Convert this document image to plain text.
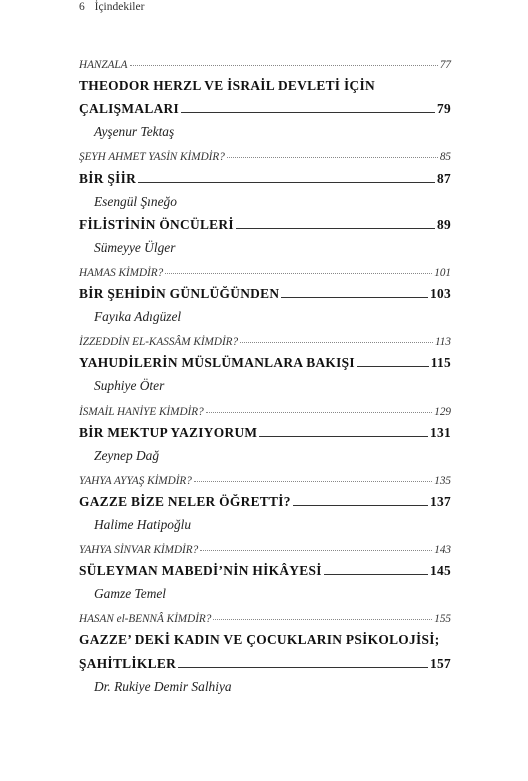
6 İçindekiler
HANZALA	77
THEODOR HERZL VE İSRAİL DEVLETİ İÇİN
ÇALIŞMALARI	79
Ayşenur Tektaş
ŞEYH AHMET YASİN KİMDİR?	85
BİR ŞİİR	87
Esengül Şıneğo
FİLİSTİNİN ÖNCÜLERİ	89
Sümeyye Ülger
HAMAS KİMDİR?	101
BİR ŞEHİDİN GÜNLÜĞÜNDEN	103
Fayıka Adıgüzel
İZZEDDİN EL-KASSÂM KİMDİR?	113
YAHUDİLERİN MÜSLÜMANLARA BAKIŞI	115
Suphiye Öter
İSMAİL HANİYE KİMDİR?	129
BİR MEKTUP YAZIYORUM	131
Zeynep Dağ
YAHYA AYYAŞ KİMDİR?	135
GAZZE BİZE NELER ÖĞRETTİ?	137
Halime Hatipoğlu
YAHYA SİNVAR KİMDİR?	143
SÜLEYMAN MABEDİ’NİN HİKÂYESİ	145
Gamze Temel
HASAN el-BENNÂ KİMDİR?	155
GAZZE’ DEKİ KADIN VE ÇOCUKLARIN PSİKOLOJİSİ;
ŞAHİTLİKLER	157
Dr. Rukiye Demir Salhiya
